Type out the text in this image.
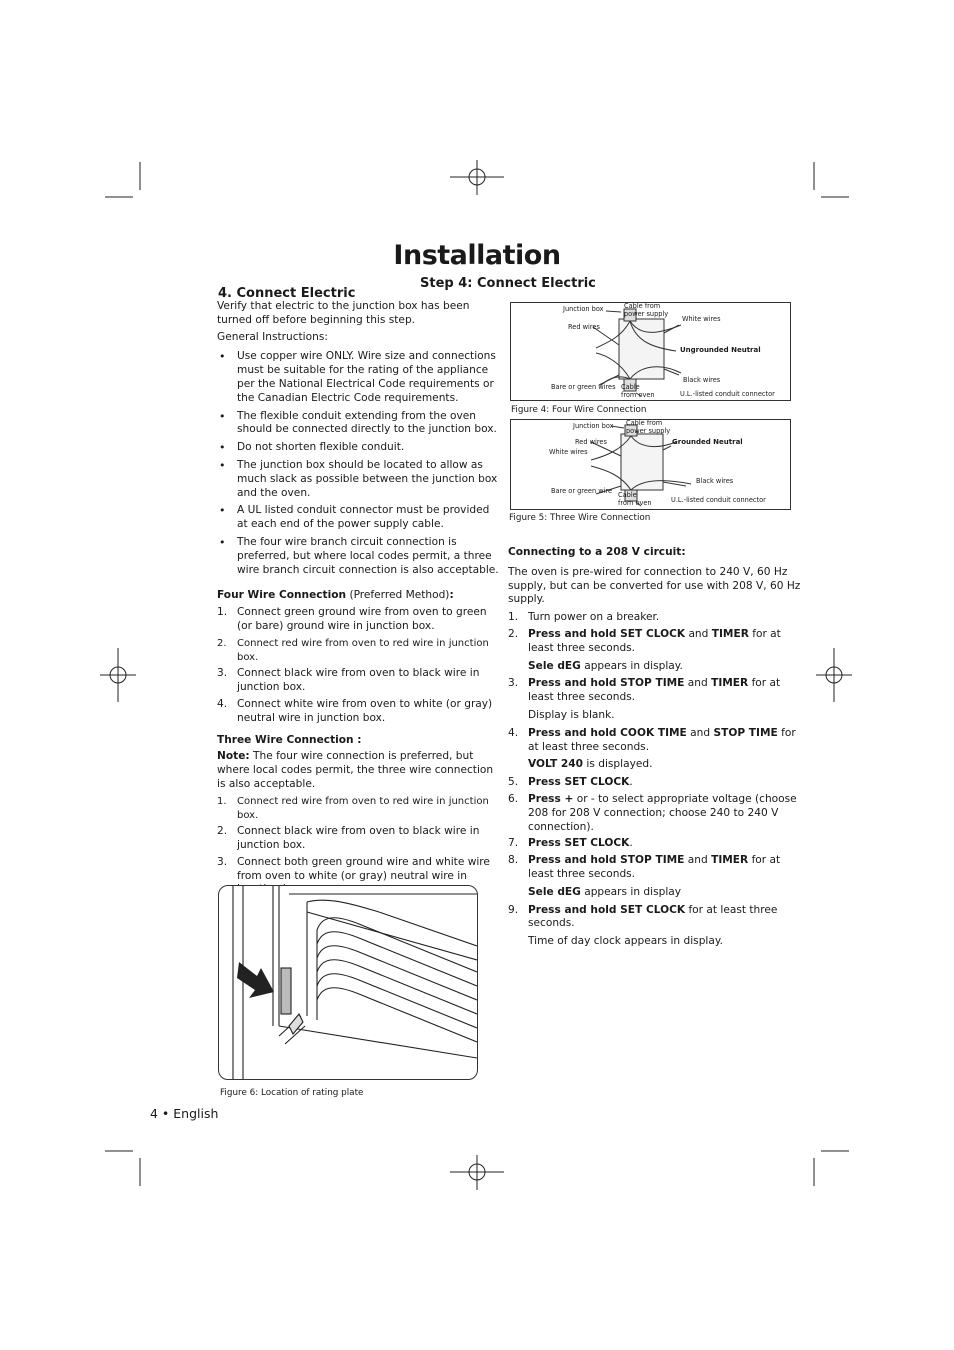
Installation
Step 4: Connect Electric
4. Connect Electric

Verify that electric to the junction box has been turned off before beginning this step.

General Instructions:

• Use copper wire ONLY. Wire size and connections must be suitable for the rating of the appliance per the National Electrical Code requirements or the Canadian Electric Code requirements.
• The flexible conduit extending from the oven should be connected directly to the junction box.
• Do not shorten flexible conduit.
• The junction box should be located to allow as much slack as possible between the junction box and the oven.
• A UL listed conduit connector must be provided at each end of the power supply cable.
• The four wire branch circuit connection is preferred, but where local codes permit, a three wire branch circuit connection is also acceptable.

Four Wire Connection (Preferred Method):

1. Connect green ground wire from oven to green (or bare) ground wire in junction box.
2. Connect red wire from oven to red wire in junction box.
3. Connect black wire from oven to black wire in junction box.
4. Connect white wire from oven to white (or gray) neutral wire in junction box.

Three Wire Connection :

Note: The four wire connection is preferred, but where local codes permit, the three wire connection is also acceptable.

1. Connect red wire from oven to red wire in junction box.
2. Connect black wire from oven to black wire in junction box.
3. Connect both green ground wire and white wire from oven to white (or gray) neutral wire in
Junction box	Cable from
power supply
White wires
Red wires
Ungrounded Neutral
Black wires
Bare or green wires Cable
from oven	U.L.-listed conduit connector
Figure 4: Four Wire Connection
Junction box Cable from
power supply
Grounded Neutral
Red wires
White wires
Black wires
Bare or green wire Cable
from oven	U.L.-listed conduit connector
Figure 5: Three Wire Connection

Connecting to a 208 V circuit:

The oven is pre-wired for connection to 240 V, 60 Hz supply, but can be converted for use with 208 V, 60 Hz supply.

1. Turn power on a breaker.
2. Press and hold SET CLOCK and TIMER for at least three seconds.
Sele dEG appears in display.
3. Press and hold STOP TIME and TIMER for at least three seconds.
Display is blank.
4. Press and hold COOK TIME and STOP TIME for at least three seconds.
VOLT 240 is displayed.
5. Press SET CLOCK.
6. Press + or - to select appropriate voltage (choose 208 for 208 V connection; choose 240 to 240 V connection).
7. Press SET CLOCK.
8. Press and hold STOP TIME and TIMER for at least three seconds.
Sele dEG appears in display
9. Press and hold SET CLOCK for at least three seconds.
Time of day clock appears in display.
Figure 6: Location of rating plate
4 • English
